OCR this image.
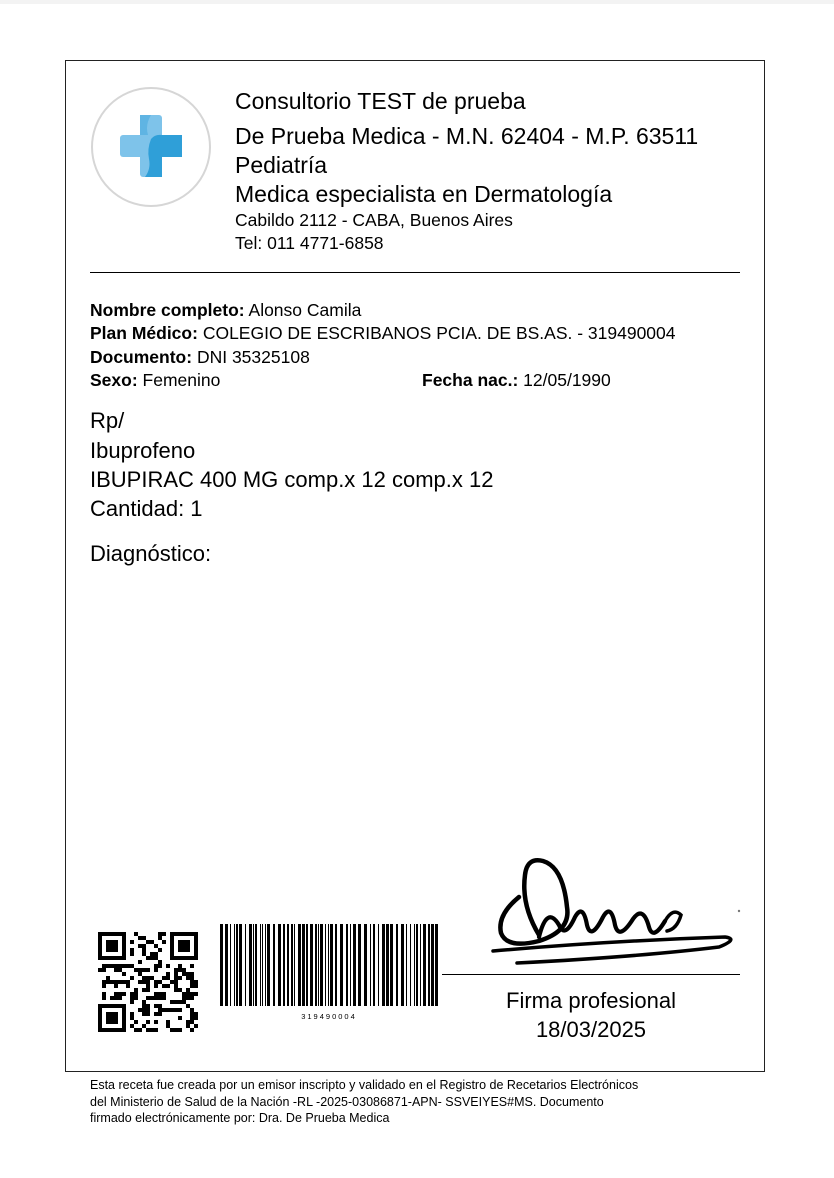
Consultorio TEST de prueba
De Prueba Medica - M.N. 62404 - M.P. 63511
Pediatría
Medica especialista en Dermatología
Cabildo 2112 - CABA, Buenos Aires
Tel: 011 4771-6858
Nombre completo: Alonso Camila
Plan Médico: COLEGIO DE ESCRIBANOS PCIA. DE BS.AS. - 319490004
Documento: DNI 35325108
Sexo: Femenino	Fecha nac.: 12/05/1990
Rp/
Ibuprofeno
IBUPIRAC 400 MG comp.x 12 comp.x 12
Cantidad: 1
Diagnóstico:
319490004
Firma profesional
18/03/2025
Esta receta fue creada por un emisor inscripto y validado en el Registro de Recetarios Electrónicos
del Ministerio de Salud de la Nación -RL -2025-03086871-APN- SSVEIYES#MS. Documento
firmado electrónicamente por: Dra. De Prueba Medica
